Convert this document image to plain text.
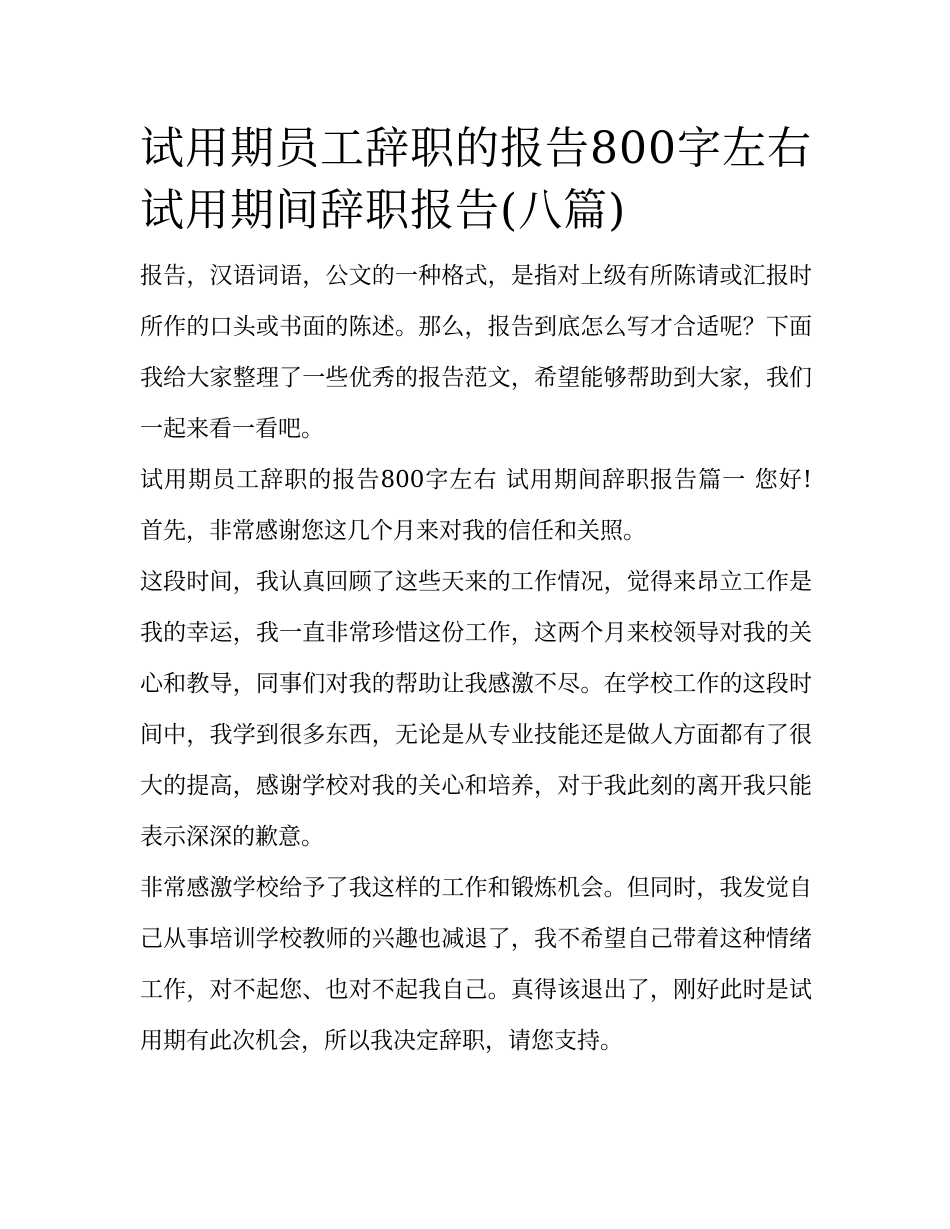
试用期员工辞职的报告800字左右 试用期间辞职报告(八篇)

报告，汉语词语，公文的一种格式，是指对上级有所陈请或汇报时所作的口头或书面的陈述。那么，报告到底怎么写才合适呢？下面我给大家整理了一些优秀的报告范文，希望能够帮助到大家，我们一起来看一看吧。

试用期员工辞职的报告800字左右 试用期间辞职报告篇一 您好! 首先，非常感谢您这几个月来对我的信任和关照。

这段时间，我认真回顾了这些天来的工作情况，觉得来昂立工作是我的幸运，我一直非常珍惜这份工作，这两个月来校领导对我的关心和教导，同事们对我的帮助让我感激不尽。在学校工作的这段时间中，我学到很多东西，无论是从专业技能还是做人方面都有了很大的提高，感谢学校对我的关心和培养，对于我此刻的离开我只能表示深深的歉意。

非常感激学校给予了我这样的工作和锻炼机会。但同时，我发觉自己从事培训学校教师的兴趣也减退了，我不希望自己带着这种情绪工作，对不起您、也对不起我自己。真得该退出了，刚好此时是试用期有此次机会，所以我决定辞职，请您支持。
